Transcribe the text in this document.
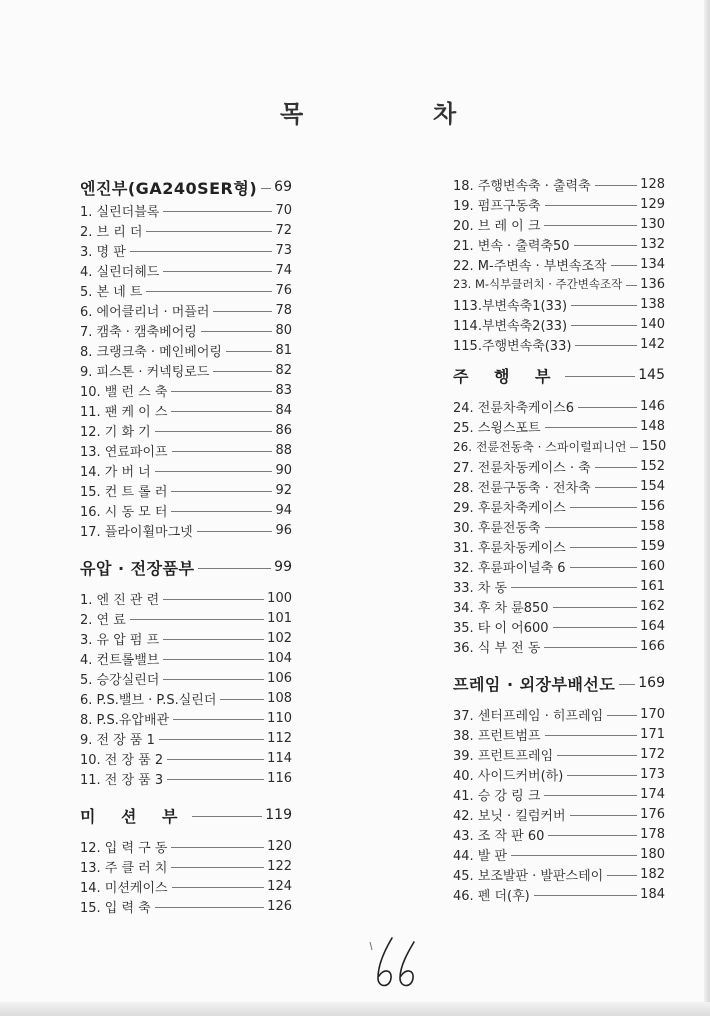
목	차
엔진부(GA240SER형) 69
1. 실린더블록	70
2. 브 리 더	72
3. 명 판	73
4. 실린더헤드	74
5. 본 네 트	76
6. 에어클리너 · 머플러	78
7. 캠축 · 캠축베어링	80
8. 크랭크축 · 메인베어링	81
9. 피스톤 · 커넥팅로드	82
10. 밸 런 스 축	83
11. 팬 케 이 스	84
12. 기 화 기	86
13. 연료파이프	88
14. 가 버 너	90
15. 컨 트 롤 러	92
16. 시 동 모 터	94
17. 플라이휠마그넷	96
유압 · 전장품부	99
1. 엔 진 관 련	100
2. 연 료	101
3. 유 압 펌 프	102
4. 컨트롤밸브	104
5. 승강실린더	106
6. P.S.밸브 · P.S.실린더	108
8. P.S.유압배관	110
9. 전 장 품 1	112
10. 전 장 품 2	114
11. 전 장 품 3	116
미 션 부	119
12. 입 력 구 동	120
13. 주 클 러 치	122
14. 미션케이스	124
15. 입 력 축	126
18. 주행변속축 · 출력축	128
19. 펌프구동축	129
20. 브 레 이 크	130
21. 변속 · 출력축50	132
22. M-주변속 · 부변속조작	134
23. M-식부클러치 · 주간변속조작 136
113.부변속축1(33)	138
114.부변속축2(33)	140
115.주행변속축(33)	142
주 행 부	145
24. 전륜차축케이스6	146
25. 스윙스포트	148
26. 전륜전동축 · 스파이럴피니언 150
27. 전륜차동케이스 · 축	152
28. 전륜구동축 · 전차축	154
29. 후륜차축케이스	156
30. 후륜전동축	158
31. 후륜차동케이스	159
32. 후륜파이널축 6	160
33. 차 동	161
34. 후 차 륜850	162
35. 타 이 어600	164
36. 식 부 전 동	166
프레임 · 외장부배선도 169
37. 센터프레임 · 히프레임	170
38. 프런트범프	171
39. 프런트프레임	172
40. 사이드커버(하)	173
41. 승 강 링 크	174
42. 보닛 · 킬럼커버	176
43. 조 작 판 60	178
44. 발 판	180
45. 보조발판 · 발판스테이	182
46. 펜 더(후)	184
